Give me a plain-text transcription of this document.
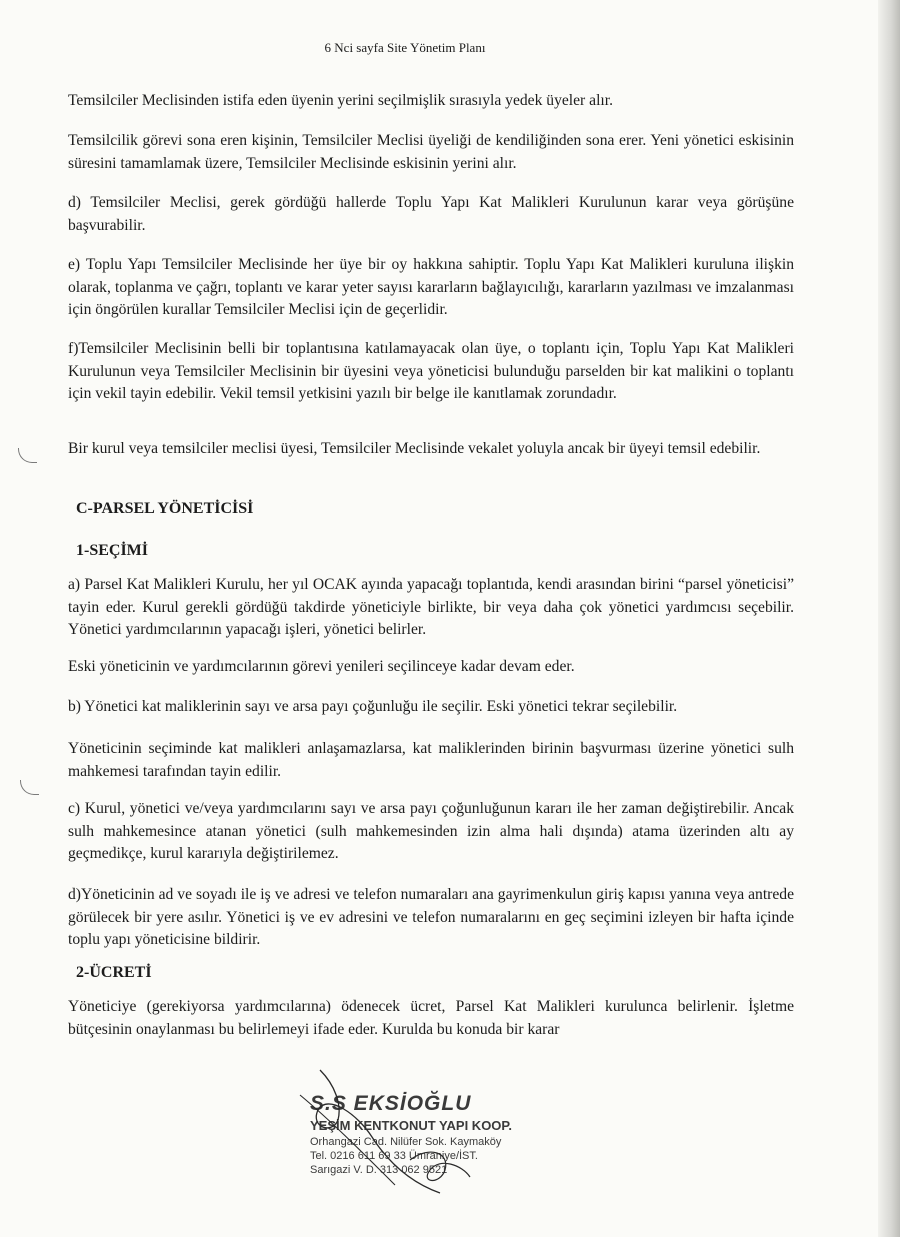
6 Nci sayfa Site Yönetim Planı

Temsilciler Meclisinden istifa eden üyenin yerini seçilmişlik sırasıyla yedek üyeler alır.

Temsilcilik görevi sona eren kişinin, Temsilciler Meclisi üyeliği de kendiliğinden sona erer. Yeni yönetici eskisinin süresini tamamlamak üzere, Temsilciler Meclisinde eskisinin yerini alır.

d) Temsilciler Meclisi, gerek gördüğü hallerde Toplu Yapı Kat Malikleri Kurulunun karar veya görüşüne başvurabilir.

e) Toplu Yapı Temsilciler Meclisinde her üye bir oy hakkına sahiptir. Toplu Yapı Kat Malikleri kuruluna ilişkin olarak, toplanma ve çağrı, toplantı ve karar yeter sayısı kararların bağlayıcılığı, kararların yazılması ve imzalanması için öngörülen kurallar Temsilciler Meclisi için de geçerlidir.

f)Temsilciler Meclisinin belli bir toplantısına katılamayacak olan üye, o toplantı için, Toplu Yapı Kat Malikleri Kurulunun veya Temsilciler Meclisinin bir üyesini veya yöneticisi bulunduğu parselden bir kat malikini o toplantı için vekil tayin edebilir. Vekil temsil yetkisini yazılı bir belge ile kanıtlamak zorundadır.

Bir kurul veya temsilciler meclisi üyesi, Temsilciler Meclisinde vekalet yoluyla ancak bir üyeyi temsil edebilir.

C-PARSEL YÖNETİCİSİ
1-SEÇİMİ

a) Parsel Kat Malikleri Kurulu, her yıl OCAK ayında yapacağı toplantıda, kendi arasından birini “parsel yöneticisi” tayin eder. Kurul gerekli gördüğü takdirde yöneticiyle birlikte, bir veya daha çok yönetici yardımcısı seçebilir. Yönetici yardımcılarının yapacağı işleri, yönetici belirler.

Eski yöneticinin ve yardımcılarının görevi yenileri seçilinceye kadar devam eder.

b) Yönetici kat maliklerinin sayı ve arsa payı çoğunluğu ile seçilir. Eski yönetici tekrar seçilebilir.

Yöneticinin seçiminde kat malikleri anlaşamazlarsa, kat maliklerinden birinin başvurması üzerine yönetici sulh mahkemesi tarafından tayin edilir.

c) Kurul, yönetici ve/veya yardımcılarını sayı ve arsa payı çoğunluğunun kararı ile her zaman değiştirebilir. Ancak sulh mahkemesince atanan yönetici (sulh mahkemesinden izin alma hali dışında) atama üzerinden altı ay geçmedikçe, kurul kararıyla değiştirilemez.

d)Yöneticinin ad ve soyadı ile iş ve adresi ve telefon numaraları ana gayrimenkulun giriş kapısı yanına veya antrede görülecek bir yere asılır. Yönetici iş ve ev adresini ve telefon numaralarını en geç seçimini izleyen bir hafta içinde toplu yapı yöneticisine bildirir.

2-ÜCRETİ

Yöneticiye (gerekiyorsa yardımcılarına) ödenecek ücret, Parsel Kat Malikleri kurulunca belirlenir. İşletme bütçesinin onaylanması bu belirlemeyi ifade eder. Kurulda bu konuda bir karar

S.S EKSİOĞLU
YEŞİM KENTKONUT YAPI KOOP.
Orhangazi Cad. Nilüfer Sok. Kaymaköy
Tel. 0216 611 69 33 Ümraniye/İST.
Sarıgazi V. D. 313 062 9521
